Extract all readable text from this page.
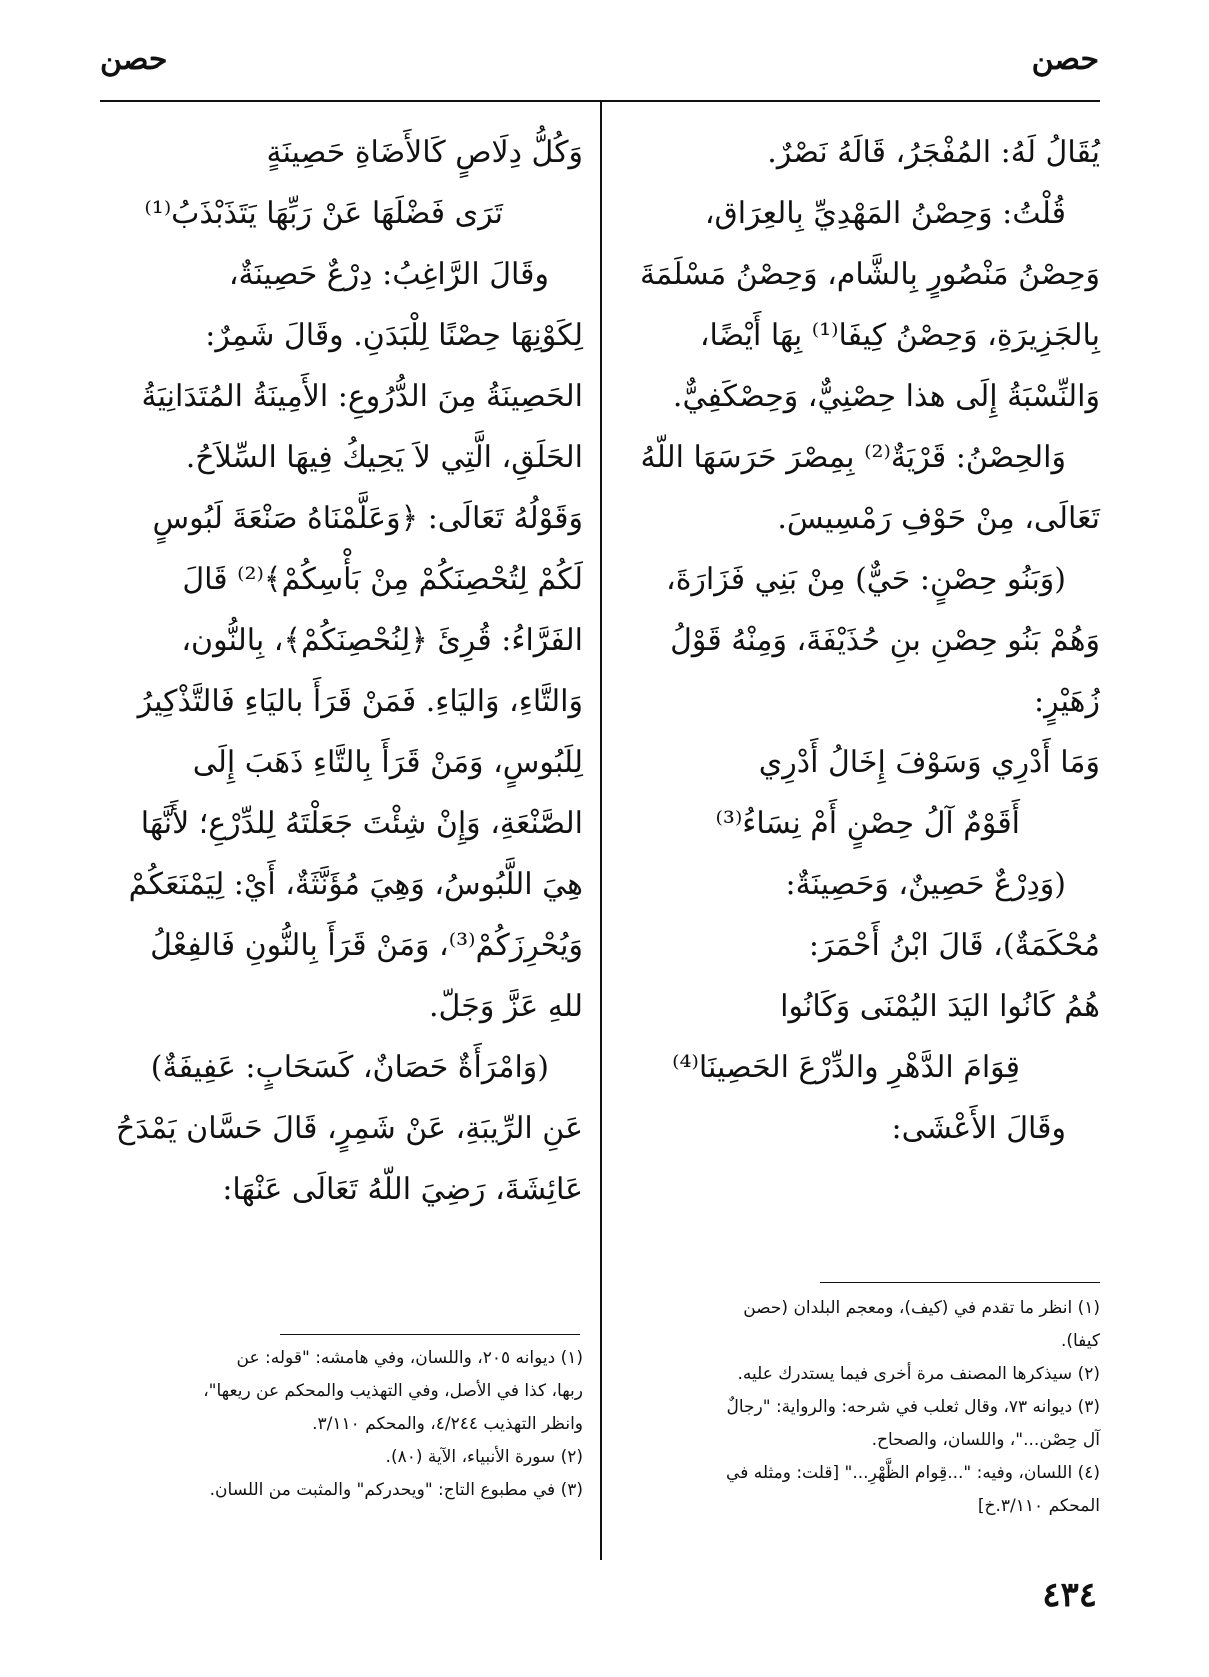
حصن
حصن
يُقَالُ لَهُ: المُفْجَرُ، قَالَهُ نَصْرٌ.
قُلْتُ: وَحِصْنُ المَهْدِيِّ بِالعِرَاق،
وَحِصْنُ مَنْصُورٍ بِالشَّام، وَحِصْنُ مَسْلَمَةَ
بِالجَزِيرَةِ، وَحِصْنُ كِيفَا⁽¹⁾ بِهَا أَيْضًا،
وَالنِّسْبَةُ إِلَى هذا حِصْنِيٌّ، وَحِصْكَفِيٌّ.
وَالحِصْنُ: قَرْيَةٌ⁽²⁾ بِمِصْرَ حَرَسَهَا اللّهُ
تَعَالَى، مِنْ حَوْفِ رَمْسِيسَ.
(وَبَنُو حِصْنٍ: حَيٌّ) مِنْ بَنِي فَزَارَةَ،
وَهُمْ بَنُو حِصْنِ بنِ حُذَيْفَةَ، وَمِنْهُ قَوْلُ
زُهَيْرٍ:
وَمَا أَدْرِي وَسَوْفَ إِخَالُ أَدْرِي
أَقَوْمٌ آلُ حِصْنٍ أَمْ نِسَاءُ⁽³⁾
(وَدِرْعٌ حَصِينٌ، وَحَصِينَةٌ:
مُحْكَمَةٌ)، قَالَ ابْنُ أَحْمَرَ:
هُمُ كَانُوا اليَدَ اليُمْنَى وَكَانُوا
قِوَامَ الدَّهْرِ والدِّرْعَ الحَصِينَا⁽⁴⁾
وقَالَ الأَعْشَى:
وَكُلُّ دِلَاصٍ كَالأَضَاةِ حَصِينَةٍ
تَرَى فَضْلَهَا عَنْ رَبِّهَا يَتَذَبْذَبُ⁽¹⁾
وقَالَ الرَّاغِبُ: دِرْعٌ حَصِينَةٌ،
لِكَوْنِهَا حِصْنًا لِلْبَدَنِ. وقَالَ شَمِرٌ:
الحَصِينَةُ مِنَ الدُّرُوعِ: الأَمِينَةُ المُتَدَانِيَةُ
الحَلَقِ، الَّتِي لاَ يَحِيكُ فِيهَا السِّلاَحُ.
وَقَوْلُهُ تَعَالَى: ﴿وَعَلَّمْنَاهُ صَنْعَةَ لَبُوسٍ
لَكُمْ لِتُحْصِنَكُمْ مِنْ بَأْسِكُمْ﴾⁽²⁾ قَالَ
الفَرَّاءُ: قُرِئَ ﴿لِنُحْصِنَكُمْ﴾، بِالنُّون،
وَالتَّاءِ، وَاليَاءِ. فَمَنْ قَرَأَ باليَاءِ فَالتَّذْكِيرُ
لِلَبُوسٍ، وَمَنْ قَرَأَ بِالتَّاءِ ذَهَبَ إِلَى
الصَّنْعَةِ، وَإِنْ شِئْتَ جَعَلْتَهُ لِلدِّرْعِ؛ لأَنَّهَا
هِيَ اللَّبُوسُ، وَهِيَ مُؤَنَّثَةٌ، أَيْ: لِيَمْنَعَكُمْ
وَيُحْرِزَكُمْ⁽³⁾، وَمَنْ قَرَأَ بِالنُّونِ فَالفِعْلُ
للهِ عَزَّ وَجَلّ.
(وَامْرَأَةٌ حَصَانٌ، كَسَحَابٍ: عَفِيفَةٌ)
عَنِ الرِّيبَةِ، عَنْ شَمِرٍ، قَالَ حَسَّان يَمْدَحُ
عَائِشَةَ، رَضِيَ اللّهُ تَعَالَى عَنْهَا:
(١) انظر ما تقدم في (كيف)، ومعجم البلدان (حصن
كيفا).
(٢) سيذكرها المصنف مرة أخرى فيما يستدرك عليه.
(٣) ديوانه ٧٣، وقال ثعلب في شرحه: والرواية: "رجالٌ
آل حِصْن..."، واللسان، والصحاح.
(٤) اللسان، وفيه: "...قِوام الظَّهْرِ..." [قلت: ومثله في
المحكم ٣/١١٠.خ]
(١) ديوانه ٢٠٥، واللسان، وفي هامشه: "قوله: عن
ربها، كذا في الأصل، وفي التهذيب والمحكم عن ريعها"،
وانظر التهذيب ٤/٢٤٤، والمحكم ٣/١١٠.
(٢) سورة الأنبياء، الآية (٨٠).
(٣) في مطبوع التاج: "ويحدركم" والمثبت من اللسان.
٤٣٤
